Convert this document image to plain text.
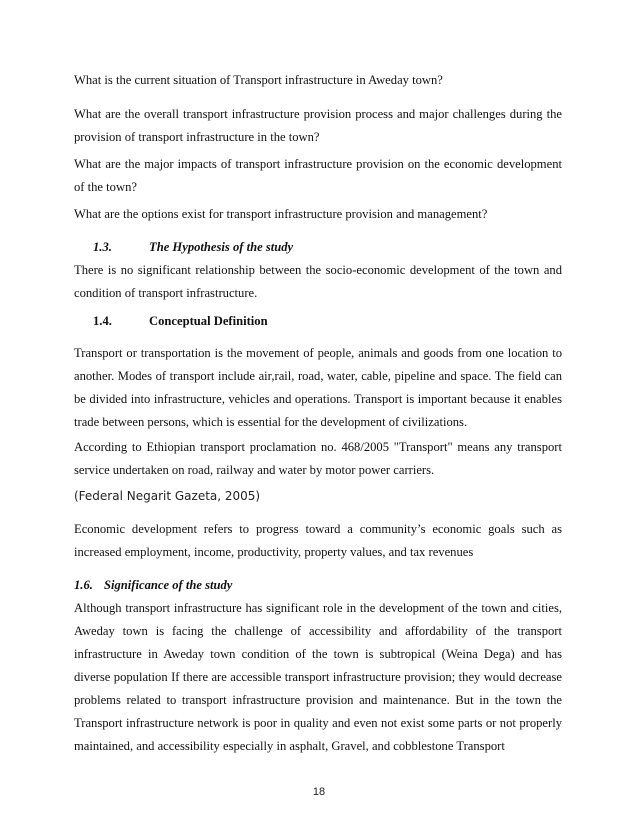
What is the current situation of Transport infrastructure in Aweday town?

What are the overall transport infrastructure provision process and major challenges during the provision of transport infrastructure in the town?

What are the major impacts of transport infrastructure provision on the economic development of the town?

What are the options exist for transport infrastructure provision and management?

1.3.	The Hypothesis of the study

There is no significant relationship between the socio-economic development of the town and condition of transport infrastructure.

1.4.	Conceptual Definition

Transport or transportation is the movement of people, animals and goods from one location to another. Modes of transport include air,rail, road, water, cable, pipeline and space. The field can be divided into infrastructure, vehicles and operations. Transport is important because it enables trade between persons, which is essential for the development of civilizations.

According to Ethiopian transport proclamation no. 468/2005 "Transport" means any transport service undertaken on road, railway and water by motor power carriers.

(Federal Negarit Gazeta, 2005)

Economic development refers to progress toward a community’s economic goals such as increased employment, income, productivity, property values, and tax revenues

1.6. Significance of the study

Although transport infrastructure has significant role in the development of the town and cities, Aweday town is facing the challenge of accessibility and affordability of the transport infrastructure in Aweday town condition of the town is subtropical (Weina Dega) and has diverse population If there are accessible transport infrastructure provision; they would decrease problems related to transport infrastructure provision and maintenance. But in the town the Transport infrastructure network is poor in quality and even not exist some parts or not properly maintained, and accessibility especially in asphalt, Gravel, and cobblestone Transport

18
